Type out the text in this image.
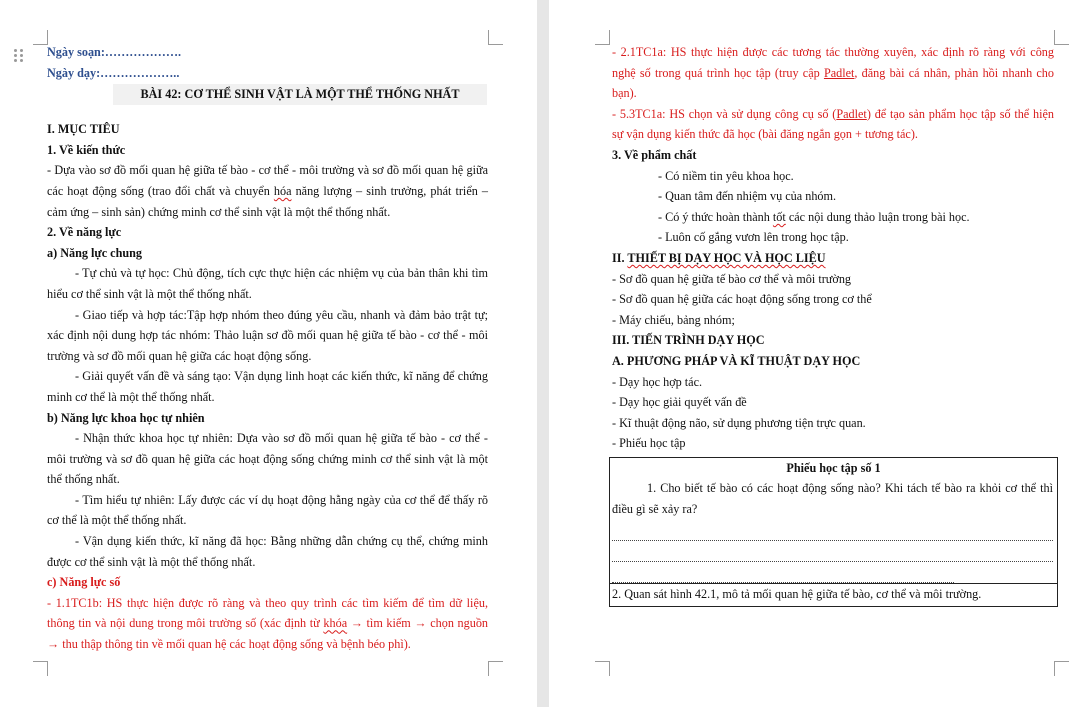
Ngày soạn:……………….

Ngày dạy:………………..

BÀI 42: CƠ THỂ SINH VẬT LÀ MỘT THỂ THỐNG NHẤT

I. MỤC TIÊU

1. Về kiến thức

- Dựa vào sơ đồ mối quan hệ giữa tế bào - cơ thể - môi trường và sơ đồ mối quan hệ giữa các hoạt động sống (trao đổi chất và chuyển hóa năng lượng – sinh trưởng, phát triển – cảm ứng – sinh sản) chứng minh cơ thể sinh vật là một thể thống nhất.

2. Về năng lực

a) Năng lực chung

- Tự chủ và tự học: Chủ động, tích cực thực hiện các nhiệm vụ của bản thân khi tìm hiểu cơ thể sinh vật là một thể thống nhất.

- Giao tiếp và hợp tác:Tập hợp nhóm theo đúng yêu cầu, nhanh và đảm bảo trật tự; xác định nội dung hợp tác nhóm: Thảo luận sơ đồ mối quan hệ giữa tế bào - cơ thể - môi trường và sơ đồ mối quan hệ giữa các hoạt động sống.

- Giải quyết vấn đề và sáng tạo: Vận dụng linh hoạt các kiến thức, kĩ năng để chứng minh cơ thể là một thể thống nhất.

b) Năng lực khoa học tự nhiên

- Nhận thức khoa học tự nhiên: Dựa vào sơ đồ mối quan hệ giữa tế bào - cơ thể - môi trường và sơ đồ quan hệ giữa các hoạt động sống chứng minh cơ thể sinh vật là một thể thống nhất.

- Tìm hiểu tự nhiên: Lấy được các ví dụ hoạt động hằng ngày của cơ thể để thấy rõ cơ thể là một thể thống nhất.

- Vận dụng kiến thức, kĩ năng đã học: Bằng những dẫn chứng cụ thể, chứng minh được cơ thể sinh vật là một thể thống nhất.

c) Năng lực số

- 1.1TC1b: HS thực hiện được rõ ràng và theo quy trình các tìm kiếm để tìm dữ liệu, thông tin và nội dung trong môi trường số (xác định từ khóa → tìm kiếm → chọn nguồn → thu thập thông tin về mối quan hệ các hoạt động sống và bệnh béo phì).

- 2.1TC1a: HS thực hiện được các tương tác thường xuyên, xác định rõ ràng với công nghệ số trong quá trình học tập (truy cập Padlet, đăng bài cá nhân, phản hồi nhanh cho bạn).

- 5.3TC1a: HS chọn và sử dụng công cụ số (Padlet) để tạo sản phẩm học tập số thể hiện sự vận dụng kiến thức đã học (bài đăng ngắn gọn + tương tác).

3. Về phẩm chất

- Có niềm tin yêu khoa học.

- Quan tâm đến nhiệm vụ của nhóm.

- Có ý thức hoàn thành tốt các nội dung thảo luận trong bài học.

- Luôn cố gắng vươn lên trong học tập.

II. THIẾT BỊ DẠY HỌC VÀ HỌC LIỆU

- Sơ đồ quan hệ giữa tế bào cơ thể và môi trường

- Sơ đồ quan hệ giữa các hoạt động sống trong cơ thể

- Máy chiếu, bảng nhóm;

III. TIẾN TRÌNH DẠY HỌC

A. PHƯƠNG PHÁP VÀ KĨ THUẬT DẠY HỌC

- Dạy học hợp tác.

- Dạy học giải quyết vấn đề

- Kĩ thuật động não, sử dụng phương tiện trực quan.

- Phiếu học tập

Phiếu học tập số 1
1. Cho biết tế bào có các hoạt động sống nào? Khi tách tế bào ra khỏi cơ thể thì điều gì sẽ xảy ra?
2. Quan sát hình 42.1, mô tả mối quan hệ giữa tế bào, cơ thể và môi trường.
